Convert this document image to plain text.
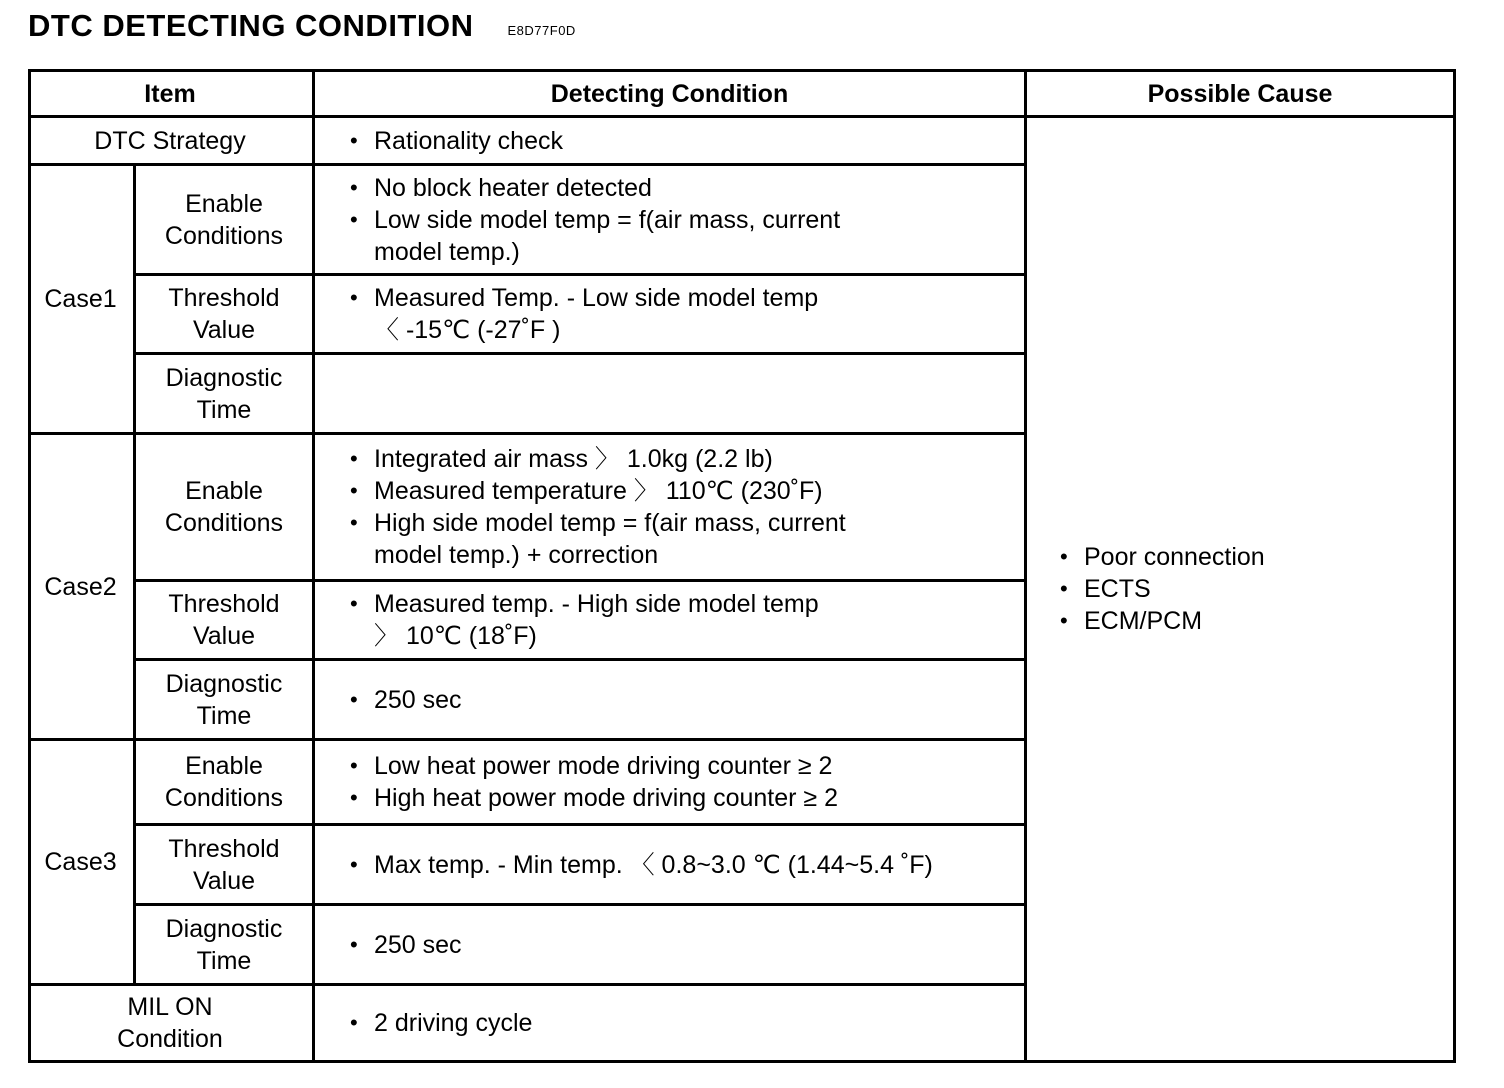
DTC DETECTING CONDITION	E8D77F0D
Item	Detecting Condition	Possible Cause
DTC Strategy
•	Rationality check
Case1
Case2
Case3
Enable
Conditions
Threshold
Value
Diagnostic
Time
Enable
Conditions
Threshold
Value
Diagnostic
Time
Enable
Conditions
Threshold
Value
Diagnostic
Time
MIL ON
Condition
• No block heater detected
• Low side model temp = f(air mass, current
model temp.)
• Measured Temp. - Low side model temp
〈 -15℃ (-27˚F )
• Integrated air mass 〉 1.0kg (2.2 lb)
• Measured temperature 〉 110℃ (230˚F)
• High side model temp = f(air mass, current
model temp.) + correction
• Measured temp. - High side model temp
〉 10℃ (18˚F)
• 250 sec
• Low heat power mode driving counter ≥ 2
• High heat power mode driving counter ≥ 2
• Max temp. - Min temp. 〈 0.8~3.0 ℃ (1.44~5.4 ˚F)
• 250 sec
• 2 driving cycle
• Poor connection
• ECTS
• ECM/PCM
